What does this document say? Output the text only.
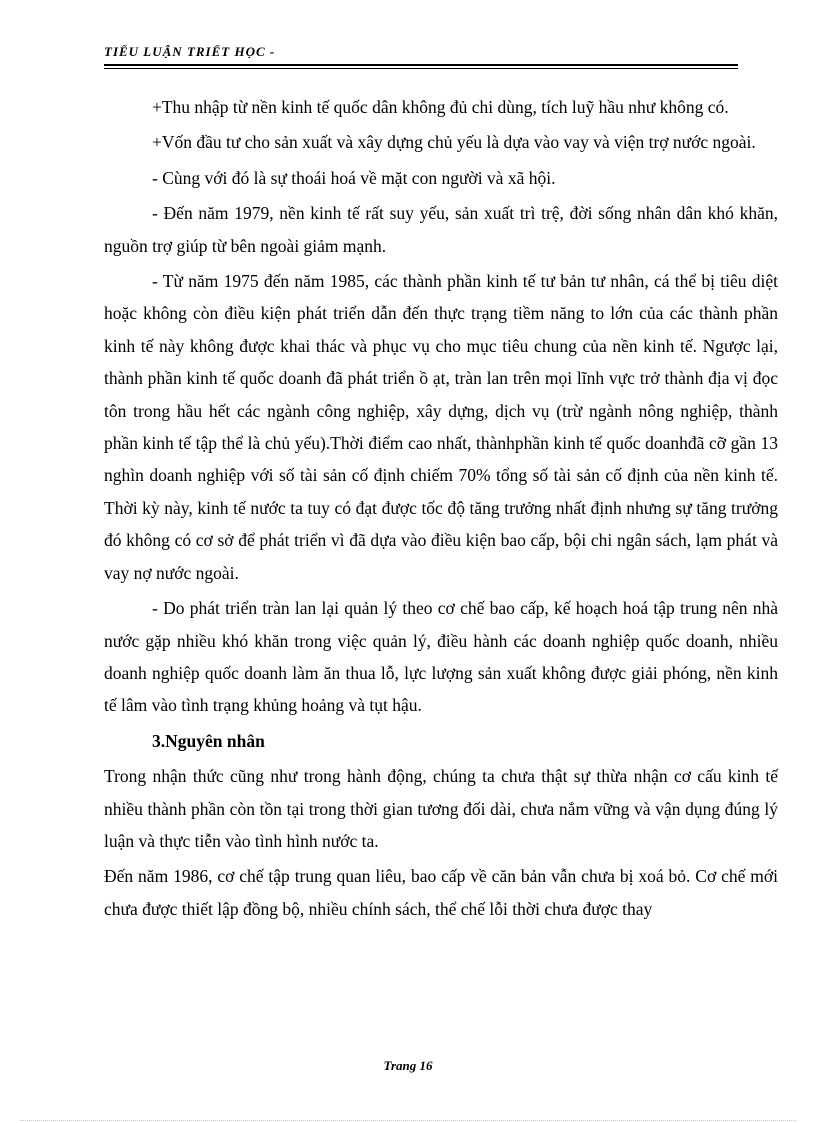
TIỂU LUẬN TRIẾT HỌC -

+Thu nhập từ nền kinh tế quốc dân không đủ chi dùng, tích luỹ hầu như không có.

+Vốn đầu tư cho sản xuất và xây dựng chủ yếu là dựa vào vay và viện trợ nước ngoài.

- Cùng với đó là sự thoái hoá về mặt con người và xã hội.

- Đến năm 1979, nền kinh tế rất suy yếu, sản xuất trì trệ, đời sống nhân dân khó khăn, nguồn trợ giúp từ bên ngoài giảm mạnh.

- Từ năm 1975 đến năm 1985, các thành phần kinh tế tư bản tư nhân, cá thể bị tiêu diệt hoặc không còn điều kiện phát triển dẫn đến thực trạng tiềm năng to lớn của các thành phần kinh tế này không được khai thác và phục vụ cho mục tiêu chung của nền kinh tế. Ngược lại, thành phần kinh tế quốc doanh đã phát triển ồ ạt, tràn lan trên mọi lĩnh vực trở thành địa vị đọc tôn trong hầu hết các ngành công nghiệp, xây dựng, dịch vụ (trừ ngành nông nghiệp, thành phần kinh tế tập thể là chủ yếu).Thời điểm cao nhất, thànhphần kinh tế quốc doanhđã cỡ gần 13 nghìn doanh nghiệp với số tài sản cố định chiếm 70% tổng số tài sản cố định của nền kinh tế. Thời kỳ này, kinh tế nước ta tuy có đạt được tốc độ tăng trưởng nhất định nhưng sự tăng trưởng đó không có cơ sở để phát triển vì đã dựa vào điều kiện bao cấp, bội chi ngân sách, lạm phát và vay nợ nước ngoài.

- Do phát triển tràn lan lại quản lý theo cơ chế bao cấp, kế hoạch hoá tập trung nên nhà nước gặp nhiều khó khăn trong việc quản lý, điều hành các doanh nghiệp quốc doanh, nhiều doanh nghiệp quốc doanh làm ăn thua lỗ, lực lượng sản xuất không được giải phóng, nền kinh tế lâm vào tình trạng khủng hoảng và tụt hậu.

3.Nguyên nhân

Trong nhận thức cũng như trong hành động, chúng ta chưa thật sự thừa nhận cơ cấu kinh tế nhiều thành phần còn tồn tại trong thời gian tương đối dài, chưa nắm vững và vận dụng đúng lý luận và thực tiễn vào tình hình nước ta.

Đến năm 1986, cơ chế tập trung quan liêu, bao cấp về căn bản vẫn chưa bị xoá bỏ. Cơ chế mới chưa được thiết lập đồng bộ, nhiều chính sách, thể chế lỗi thời chưa được thay

Trang 16
